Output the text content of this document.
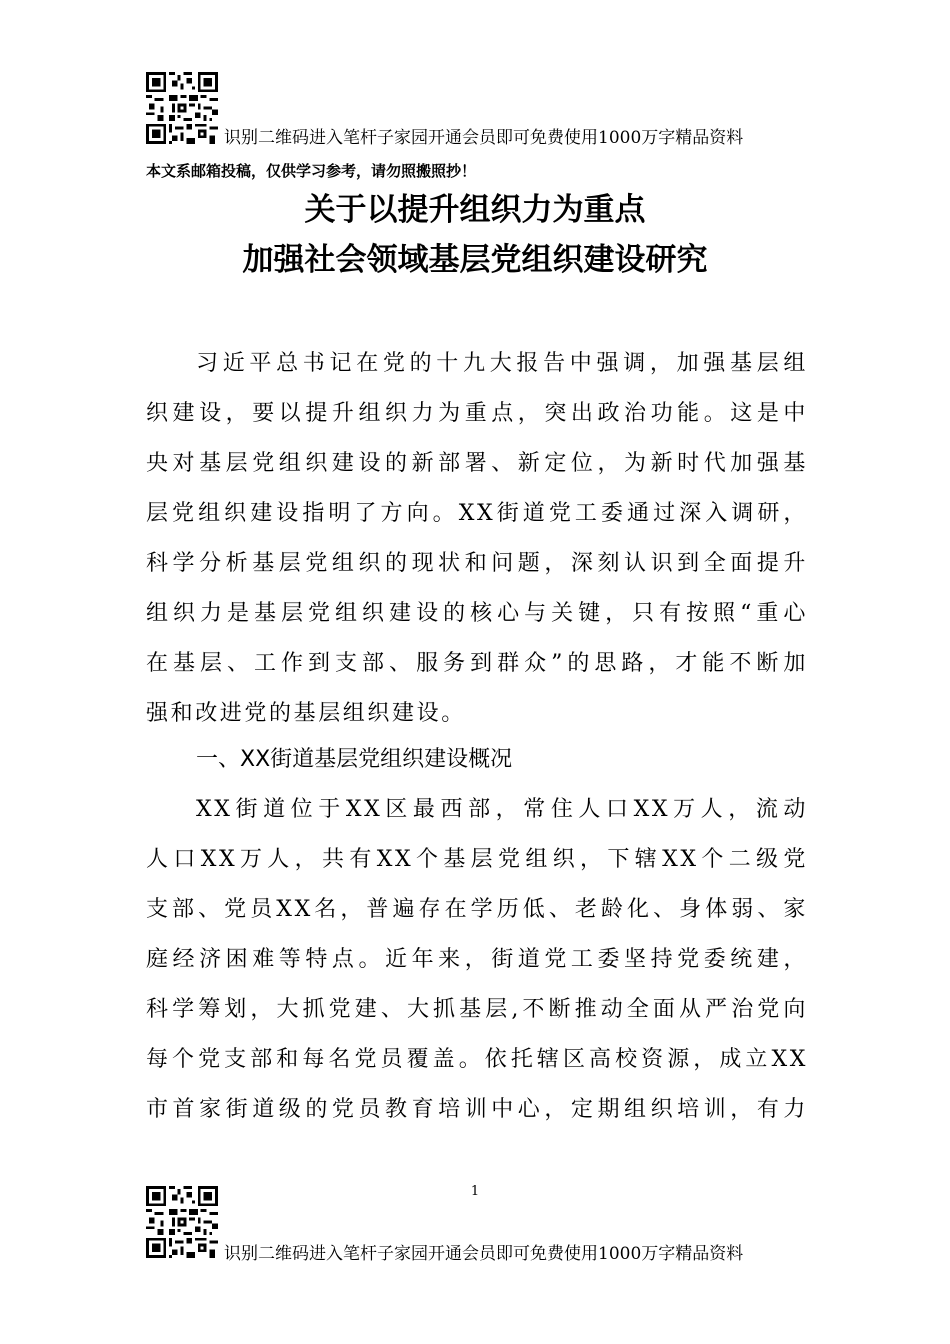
识别二维码进入笔杆子家园开通会员即可免费使用1000万字精品资料
本文系邮箱投稿，仅供学习参考，请勿照搬照抄！
关于以提升组织力为重点
加强社会领域基层党组织建设研究
习近平总书记在党的十九大报告中强调，加强基层组
织建设，要以提升组织力为重点，突出政治功能。这是中
央对基层党组织建设的新部署、新定位，为新时代加强基
层党组织建设指明了方向。XX街道党工委通过深入调研，
科学分析基层党组织的现状和问题，深刻认识到全面提升
组织力是基层党组织建设的核心与关键，只有按照“重心
在基层、工作到支部、服务到群众”的思路，才能不断加
强和改进党的基层组织建设。
一、XX街道基层党组织建设概况
XX街道位于XX区最西部，常住人口XX万人，流动
人口XX万人，共有XX个基层党组织，下辖XX个二级党
支部、党员XX名，普遍存在学历低、老龄化、身体弱、家
庭经济困难等特点。近年来，街道党工委坚持党委统建，
科学筹划，大抓党建、大抓基层,不断推动全面从严治党向
每个党支部和每名党员覆盖。依托辖区高校资源，成立XX
市首家街道级的党员教育培训中心，定期组织培训，有力
1
识别二维码进入笔杆子家园开通会员即可免费使用1000万字精品资料
